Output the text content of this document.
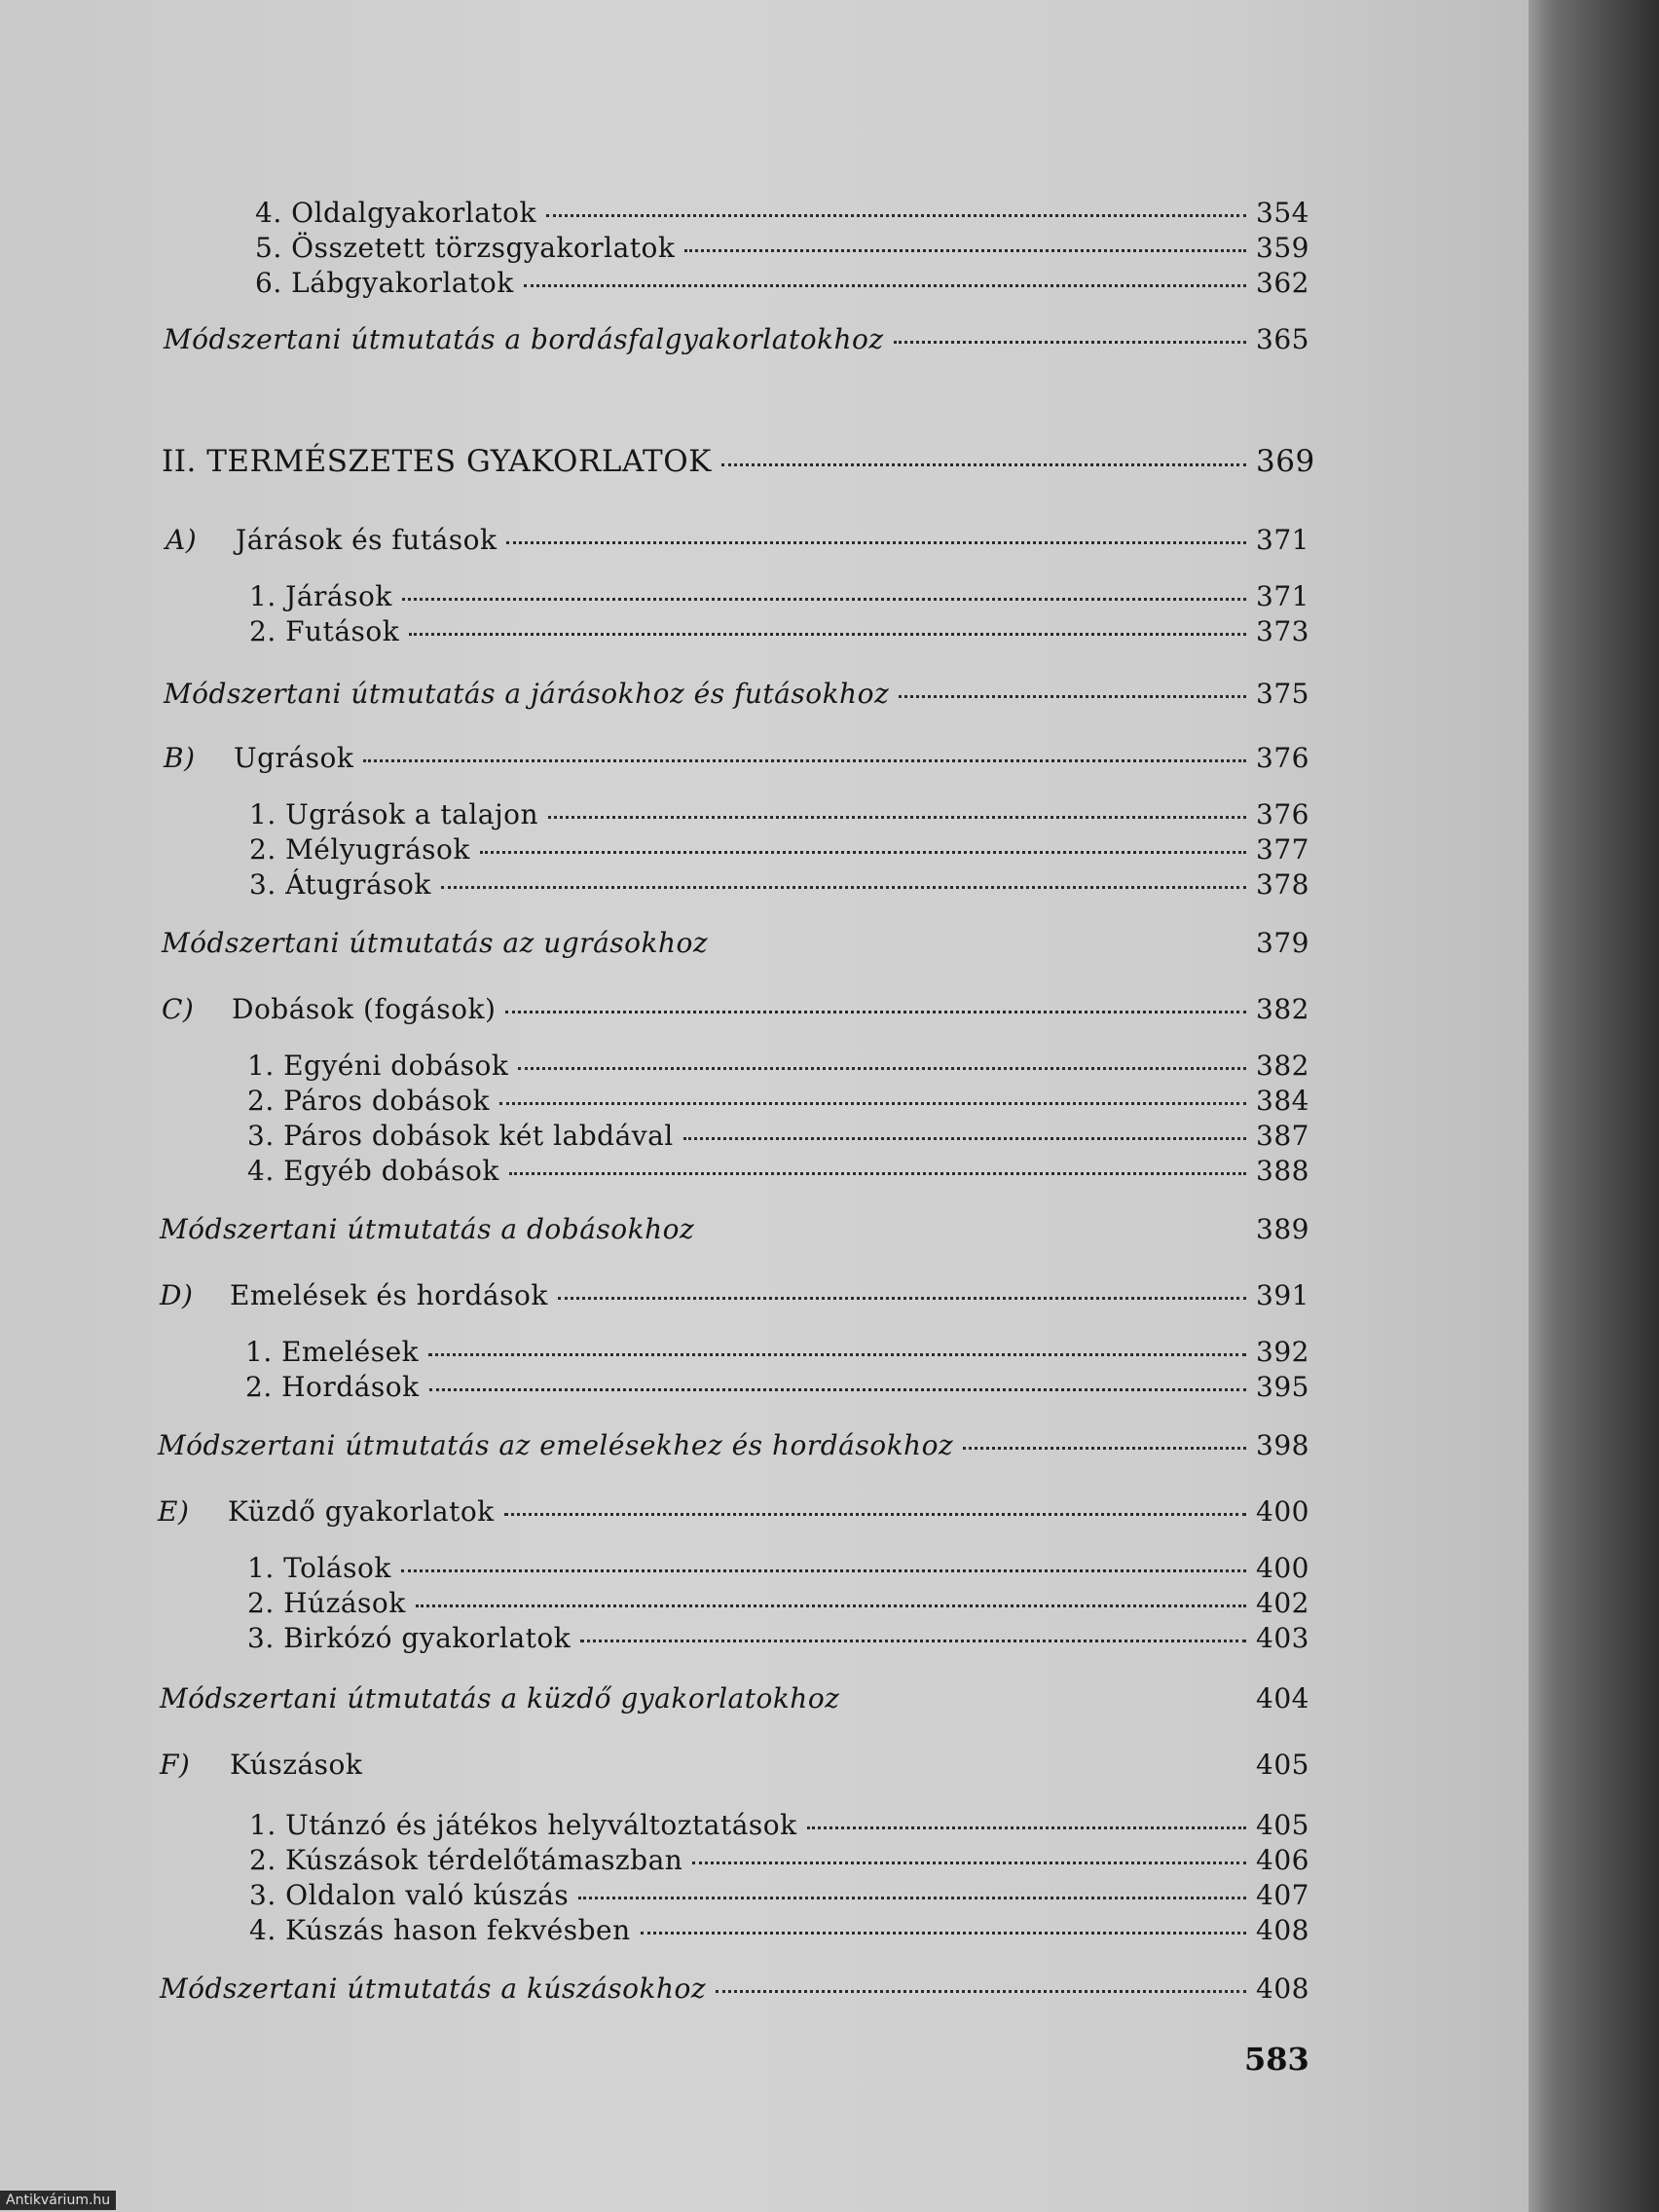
4. Oldalgyakorlatok	354
5. Összetett törzsgyakorlatok	359
6. Lábgyakorlatok	362
Módszertani útmutatás a bordásfalgyakorlatokhoz	365
II. TERMÉSZETES GYAKORLATOK	369
A)	Járások és futások	371
1. Járások	371
2. Futások	373
Módszertani útmutatás a járásokhoz és futásokhoz	375
B)	Ugrások	376
1. Ugrások a talajon	376
2. Mélyugrások	377
3. Átugrások	378
Módszertani útmutatás az ugrásokhoz	379
C)	Dobások (fogások)	382
1. Egyéni dobások	382
2. Páros dobások	384
3. Páros dobások két labdával	387
4. Egyéb dobások	388
Módszertani útmutatás a dobásokhoz	389
D)	Emelések és hordások	391
1. Emelések	392
2. Hordások	395
Módszertani útmutatás az emelésekhez és hordásokhoz	398
E)	Küzdő gyakorlatok	400
1. Tolások	400
2. Húzások	402
3. Birkózó gyakorlatok	403
Módszertani útmutatás a küzdő gyakorlatokhoz	404
F)	Kúszások	405
1. Utánzó és játékos helyváltoztatások	405
2. Kúszások térdelőtámaszban	406
3. Oldalon való kúszás	407
4. Kúszás hason fekvésben	408
Módszertani útmutatás a kúszásokhoz	408
583
Antikvárium.hu
